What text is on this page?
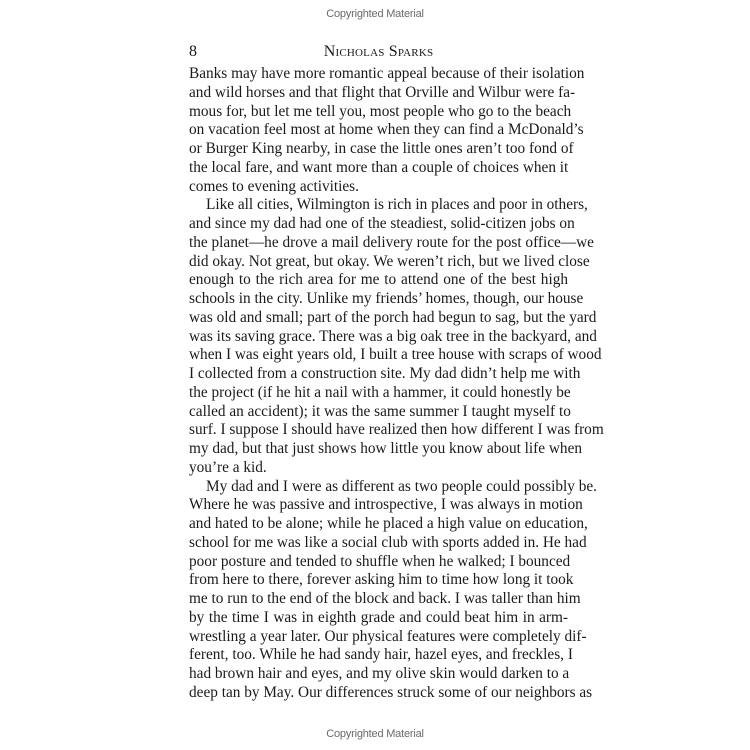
Copyrighted Material
8	Nicholas Sparks
Banks may have more romantic appeal because of their isolation
and wild horses and that flight that Orville and Wilbur were fa-
mous for, but let me tell you, most people who go to the beach
on vacation feel most at home when they can find a McDonald’s
or Burger King nearby, in case the little ones aren’t too fond of
the local fare, and want more than a couple of choices when it
comes to evening activities.
Like all cities, Wilmington is rich in places and poor in others,
and since my dad had one of the steadiest, solid-citizen jobs on
the planet—he drove a mail delivery route for the post office—we
did okay. Not great, but okay. We weren’t rich, but we lived close
enough to the rich area for me to attend one of the best high
schools in the city. Unlike my friends’ homes, though, our house
was old and small; part of the porch had begun to sag, but the yard
was its saving grace. There was a big oak tree in the backyard, and
when I was eight years old, I built a tree house with scraps of wood
I collected from a construction site. My dad didn’t help me with
the project (if he hit a nail with a hammer, it could honestly be
called an accident); it was the same summer I taught myself to
surf. I suppose I should have realized then how different I was from
my dad, but that just shows how little you know about life when
you’re a kid.
My dad and I were as different as two people could possibly be.
Where he was passive and introspective, I was always in motion
and hated to be alone; while he placed a high value on education,
school for me was like a social club with sports added in. He had
poor posture and tended to shuffle when he walked; I bounced
from here to there, forever asking him to time how long it took
me to run to the end of the block and back. I was taller than him
by the time I was in eighth grade and could beat him in arm-
wrestling a year later. Our physical features were completely dif-
ferent, too. While he had sandy hair, hazel eyes, and freckles, I
had brown hair and eyes, and my olive skin would darken to a
deep tan by May. Our differences struck some of our neighbors as
Copyrighted Material
